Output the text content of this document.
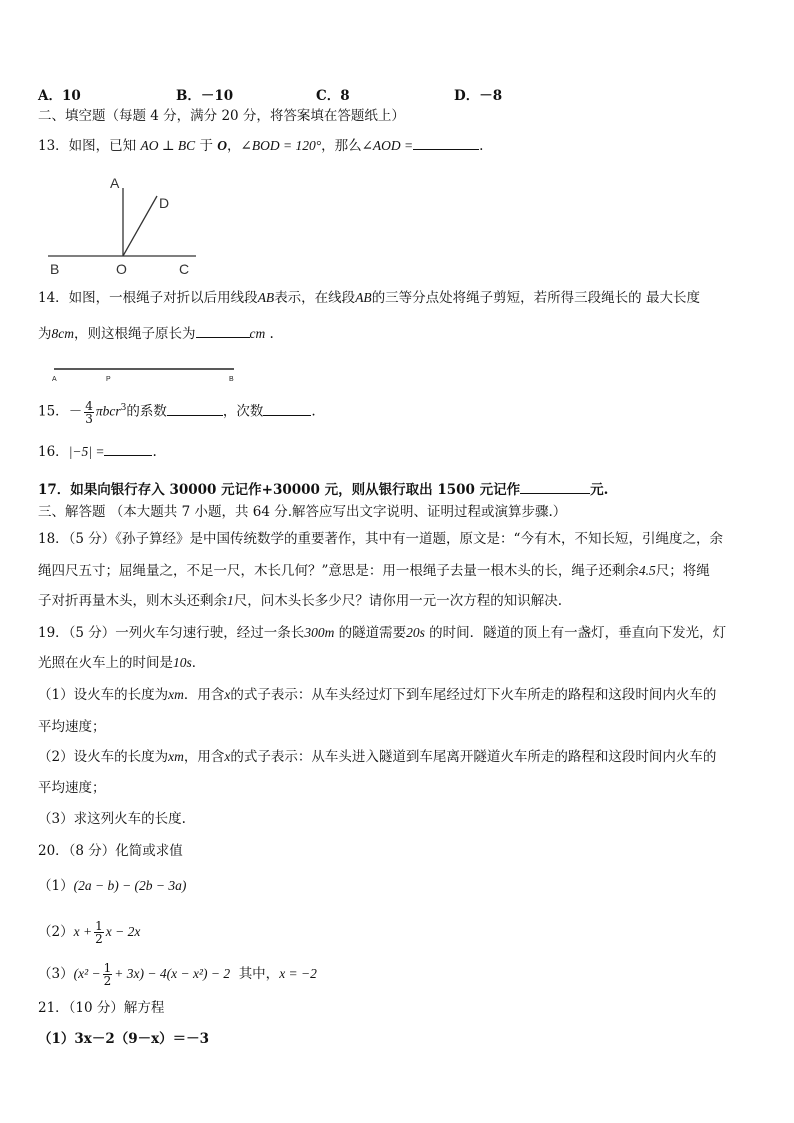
A．10	B．－10	C．8	D．－8
二、填空题（每题 4 分，满分 20 分，将答案填在答题纸上）
13．如图，已知 AO ⊥ BC 于 O，∠BOD = 120°，那么∠AOD =	.
A
D
B	O	C
14．如图，一根绳子对折以后用线段AB表示，在线段AB的三等分点处将绳子剪短，若所得三段绳长的 最大长度
为8cm，则这根绳子原长为	cm .
A	P	B
15．－ $\frac{4}{3} \pi bcr^3$的系数	，次数	.
16．|−5| =	.
17．如果向银行存入 30000 元记作+30000 元，则从银行取出 1500 元记作	元.
三、解答题 （本大题共 7 小题，共 64 分.解答应写出文字说明、证明过程或演算步骤.）
18．（5 分）《孙子算经》是中国传统数学的重要著作，其中有一道题，原文是：“今有木，不知长短，引绳度之，余
绳四尺五寸；屈绳量之，不足一尺，木长几何？”意思是：用一根绳子去量一根木头的长，绳子还剩余4.5尺；将绳
子对折再量木头，则木头还剩余1尺，问木头长多少尺？请你用一元一次方程的知识解决.
19．（5 分）一列火车匀速行驶，经过一条长300m 的隧道需要20s 的时间．隧道的顶上有一盏灯，垂直向下发光，灯
光照在火车上的时间是10s．
（1）设火车的长度为xm．用含x的式子表示：从车头经过灯下到车尾经过灯下火车所走的路程和这段时间内火车的
平均速度；
（2）设火车的长度为xm，用含x的式子表示：从车头进入隧道到车尾离开隧道火车所走的路程和这段时间内火车的
平均速度；
（3）求这列火车的长度.
20．（8 分）化简或求值
（1）(2a − b) − (2b − 3a)
$(2)x + \frac{1}{2}$ x − 2x
$(3)(x^2 - \frac{1}{2} + 3x) - 4(x - x^2) - 2$ 其中，x = −2
21．（10 分）解方程
（1）3x－2（9－x）＝－3
